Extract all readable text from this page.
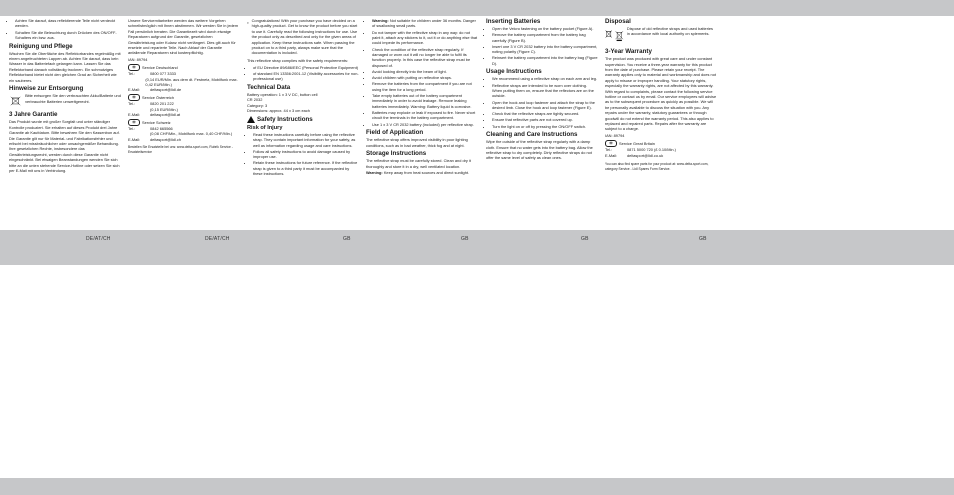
DE/AT/CH	DE/AT/CH	GB	GB	GB	GB
• Achten Sie darauf, dass reflektierende Teile nicht verdeckt werden.
• Schalten Sie die Beleuchtung durch Drücken des ON/OFF-Schalters ein bzw. aus.
Reinigung und Pflege

Wischen Sie die Oberfläche des Reflektorbandes regelmäßig mit einem angefeuchteten Lappen ab. Achten Sie darauf, dass kein Wasser in das Batteriefach gelangen kann. Lassen Sie das Reflektorband danach vollständig trocknen. Ein schmutziges Reflektorband bietet nicht den gleichen Grad an Sicherheit wie ein sauberes.

Hinweise zur Entsorgung
Bitte entsorgen Sie den verbrauchten Akku/Batterie und verbrauchte Batterien umweltgerecht.
3 Jahre Garantie

Das Produkt wurde mit großer Sorgfalt und unter ständiger Kontrolle produziert. Sie erhalten auf dieses Produkt drei Jahre Garantie ab Kaufdatum. Bitte bewahren Sie den Kassenbon auf. Die Garantie gilt nur für Material- und Fabrikationsfehler und erlischt bei missbräuchlicher oder unsachgemäßer Behandlung. Ihre gesetzlichen Rechte, insbesondere das Gewährleistungsrecht, werden durch diese Garantie nicht eingeschränkt. Bei etwaigen Beanstandungen wenden Sie sich bitte an die unten stehende Service-Hotline oder setzen Sie sich per E-Mail mit uns in Verbindung.

Unsere Servicemitarbeiter werden das weitere Vorgehen schnellstmöglich mit Ihnen abstimmen. Wir werden Sie in jedem Fall persönlich beraten. Die Garantiezeit wird durch etwaige Reparaturen aufgrund der Garantie, gesetzlichen Gewährleistung oder Kulanz nicht verlängert. Dies gilt auch für ersetzte und reparierte Teile. Nach Ablauf der Garantie anfallende Reparaturen sind kostenpflichtig.

IAN: 89794

☏	Service Deutschland
Tel.:	0800 077 3333
(0,14 EUR/Min. aus dem dt. Festnetz, Mobilfunk max. 0,42 EUR/Min.)
E-Mail:	deltasport@lidl.de
☏	Service Österreich
Tel.:	0820 201 222
(0,15 EUR/Min.)
E-Mail:	deltasport@lidl.at
☏	Service Schweiz
Tel.:	0842 665566
(0,08 CHF/Min., Mobilfunk max. 0,40 CHF/Min.)
E-Mail:	deltasport@lidl.ch

Bestellen Sie Ersatzteile bei uns: www.delta-sport.com, Rubrik Service - Ersatzteilservice

Congratulations! With your purchase you have decided on a high-quality product. Get to know the product before you start to use it. Carefully read the following instructions for use. Use the product only as described and only for the given areas of application. Keep these instructions safe. When passing the product on to a third party, always make sure that the documentation is included.

This reflective strap complies with the safety requirements:

• of EU Directive 89/686/EEC (Personal Protective Equipment)
• of standard EN 13356:2001-12 (Visibility accessories for non-professional use)
Technical Data
Battery operation: 1 x 3 V DC, button cell
CR 2032
Category: 3
Dimensions: approx. 44 x 3 cm each
Safety Instructions
Risk of Injury
• Read these instructions carefully before using the reflective strap. They contain important information for your safety, as well as information regarding usage and care instructions.
• Follow all safety instructions to avoid damage caused by improper use.
• Retain these instructions for future reference. If the reflective strap is given to a third party it must be accompanied by these instructions.
• Warning: Not suitable for children under 36 months. Danger of swallowing small parts.
• Do not tamper with the reflective strap in any way: do not paint it, attach any stickers to it, cut it or do anything else that could impede its performance.
• Check the condition of the reflective strap regularly. If damaged or worn out it will no longer be able to fulfil its function properly. In this case the reflective strap must be disposed of.
• Avoid looking directly into the beam of light.
• Avoid children with putting on reflective straps.
• Remove the batteries from the compartment if you are not using the item for a long period.
• Take empty batteries out of the battery compartment immediately in order to avoid leakage. Remove leaking batteries immediately. Warning: Battery liquid is corrosive.
• Batteries may explode or leak if exposed to fire. Never short circuit the terminals in the battery compartment.
• Use 1 x 3 V CR 2032 battery (included) per reflective strap.
Field of Application

The reflective strap offers improved visibility in poor lighting conditions, such as in bad weather, thick fog and at night.

Storage Instructions

The reflective strap must be carefully stored. Clean and dry it thoroughly and store it in a dry, well ventilated location.

Warning: Keep away from heat sources and direct sunlight.

Inserting Batteries
• Open the Velcro fastening on the battery pocket (Figure A).
• Remove the battery compartment from the battery bag carefully (Figure B).
• Insert one 3 V CR 2032 battery into the battery compartment, noting polarity (Figure C).
• Reinsert the battery compartment into the battery bag (Figure D).
Usage Instructions
• We recommend using a reflective strap on each arm and leg.
• Reflective straps are intended to be worn over clothing. When putting them on, ensure that the reflectors are on the outside.
• Open the hook and loop fastener and attach the strap to the desired limb. Close the hook and loop fastener (Figure E).
• Check that the reflective straps are tightly secured.
• Ensure that reflective parts are not covered up.
• Turn the light on or off by pressing the ON/OFF switch.
Cleaning and Care Instructions

Wipe the outside of the reflective strap regularly with a damp cloth. Ensure that no water gets into the battery bag. Allow the reflective strap to dry completely. Dirty reflective straps do not offer the same level of safety as clean ones.

Disposal
Dispose of old reflective straps and used batteries in accordance with local authority on splements.
3-Year Warranty

The product was produced with great care and under constant supervision. You receive a three-year warranty for this product from the date of purchase. Please retain your receipt. The warranty applies only to material and workmanship and does not apply to misuse or improper handling. Your statutory rights, especially the warranty rights, are not affected by this warranty. With regard to complaints, please contact the following service hotline or contact us by email. Our service employees will advise as to the subsequent procedure as quickly as possible. We will be personally available to discuss the situation with you. Any repairs under the warranty, statutory guarantees or through goodwill do not extend the warranty period. This also applies to replaced and repaired parts. Repairs after the warranty are subject to a charge.

IAN: 89794

☏	Service Great Britain
Tel.:	0871 5000 720 (£ 0.10/Min.)
E-Mail:	deltasport@lidl.co.uk

You can also find spare parts for your product at: www.delta-sport.com, category Service - Lidl Spares Form Service.
